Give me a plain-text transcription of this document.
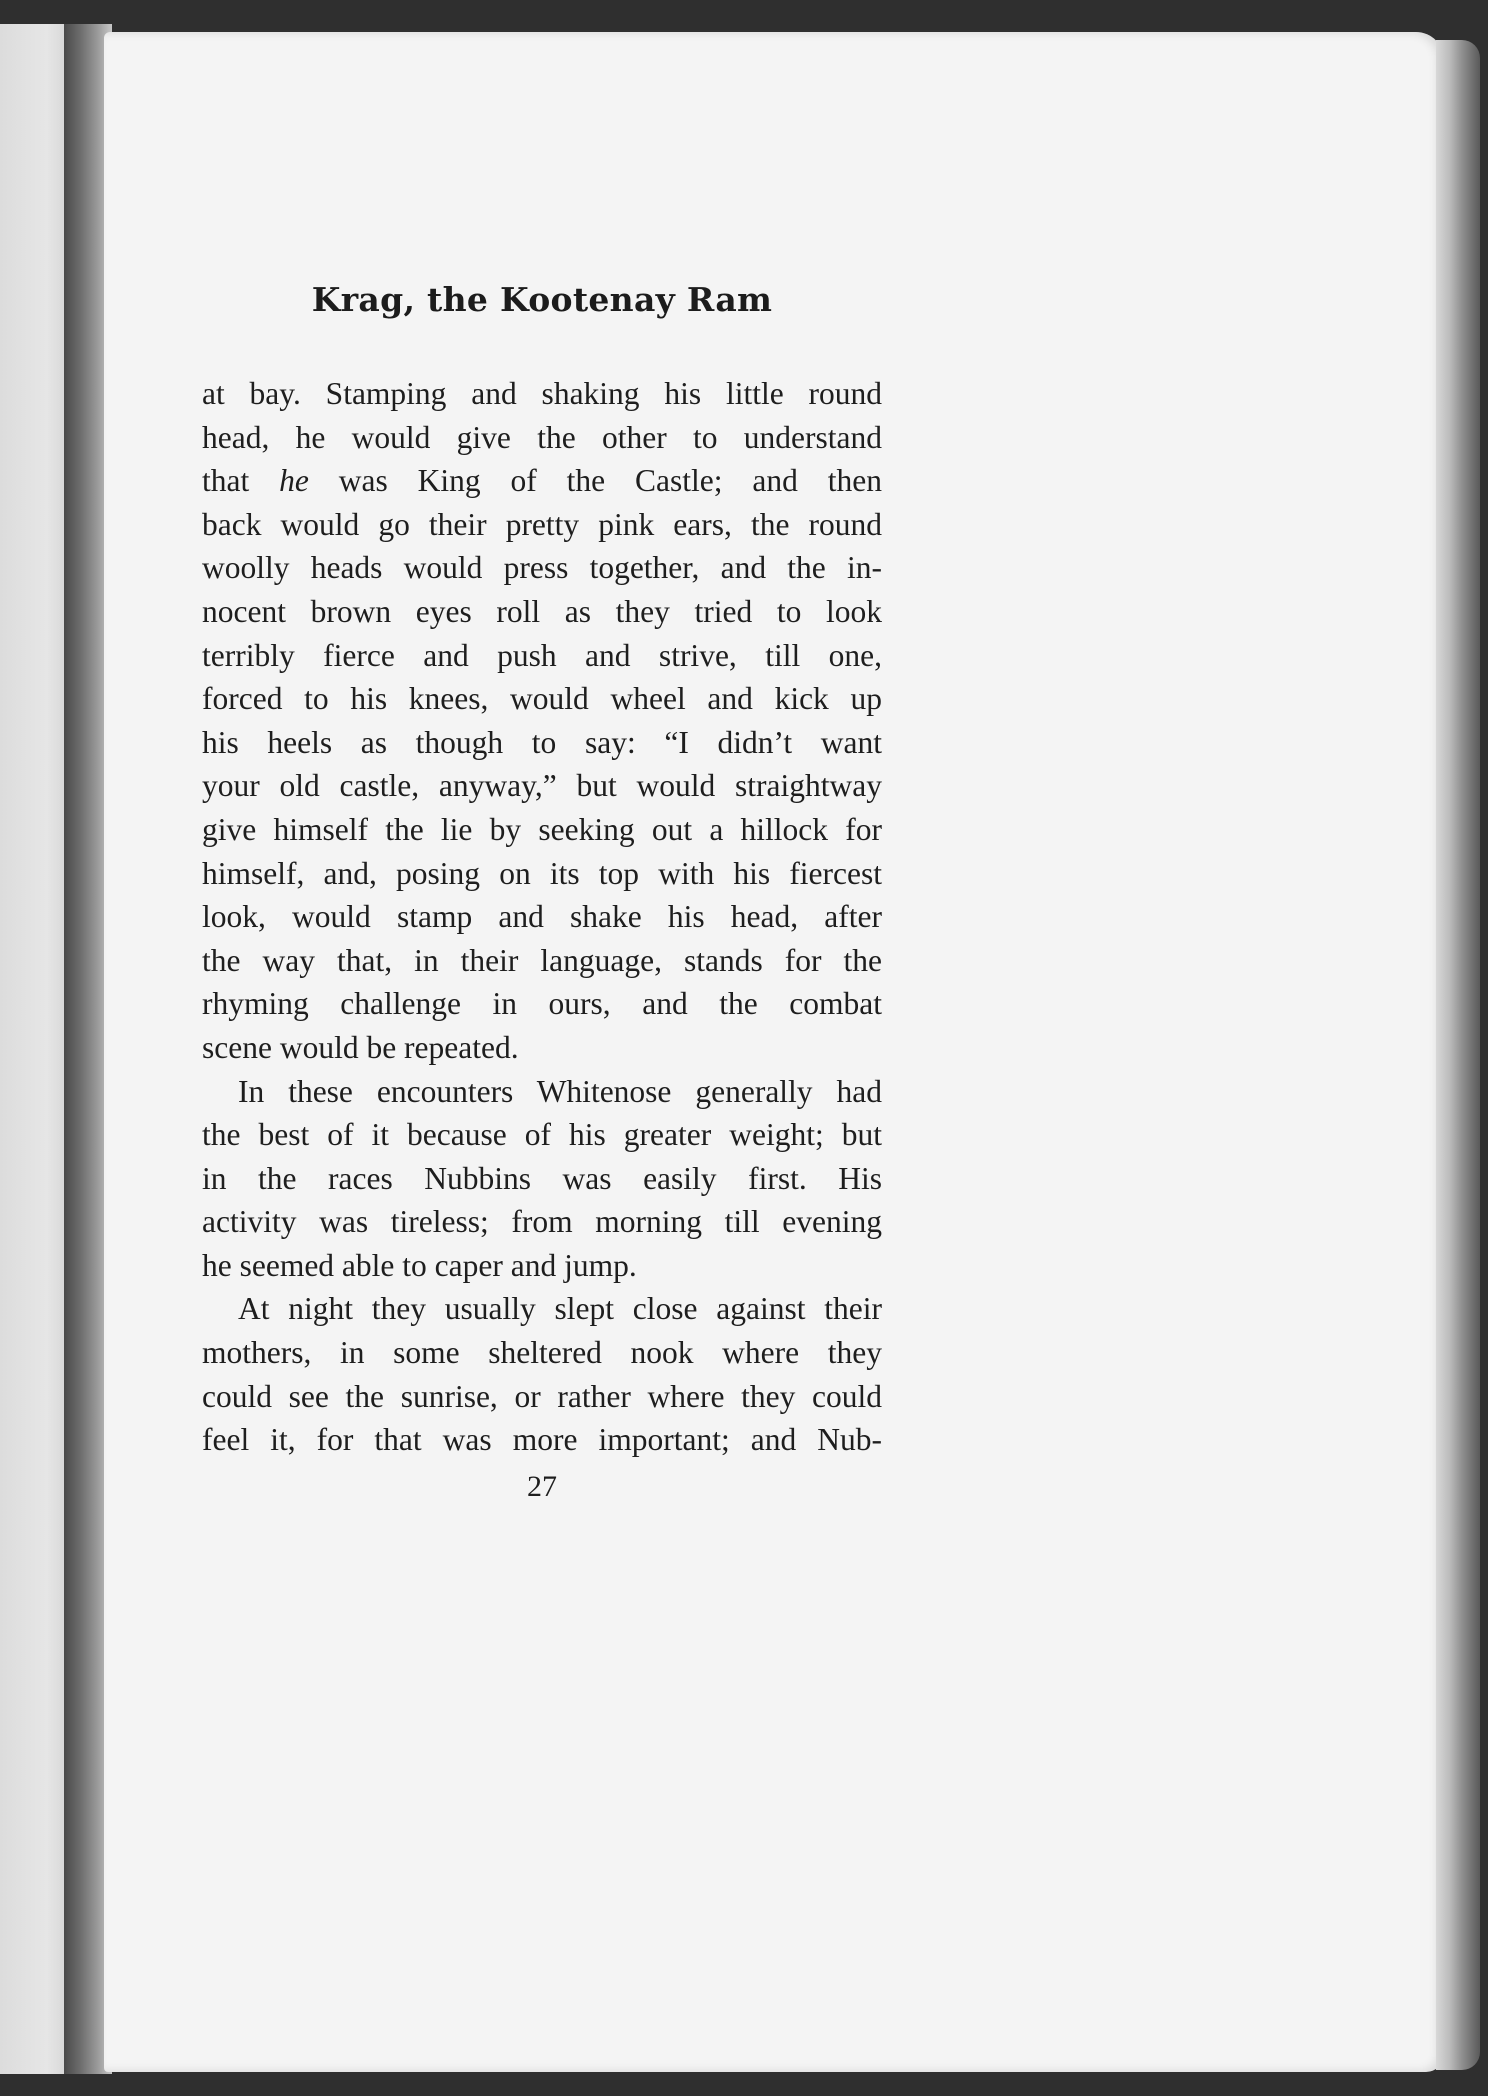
Krag, the Kootenay Ram

at bay. Stamping and shaking his little round
head, he would give the other to understand
that he was King of the Castle; and then
back would go their pretty pink ears, the round
woolly heads would press together, and the in-
nocent brown eyes roll as they tried to look
terribly fierce and push and strive, till one,
forced to his knees, would wheel and kick up
his heels as though to say: “I didn’t want
your old castle, anyway,” but would straightway
give himself the lie by seeking out a hillock for
himself, and, posing on its top with his fiercest
look, would stamp and shake his head, after
the way that, in their language, stands for the
rhyming challenge in ours, and the combat
scene would be repeated.

In these encounters Whitenose generally had
the best of it because of his greater weight; but
in the races Nubbins was easily first. His
activity was tireless; from morning till evening
he seemed able to caper and jump.

At night they usually slept close against their
mothers, in some sheltered nook where they
could see the sunrise, or rather where they could
feel it, for that was more important; and Nub-

27
